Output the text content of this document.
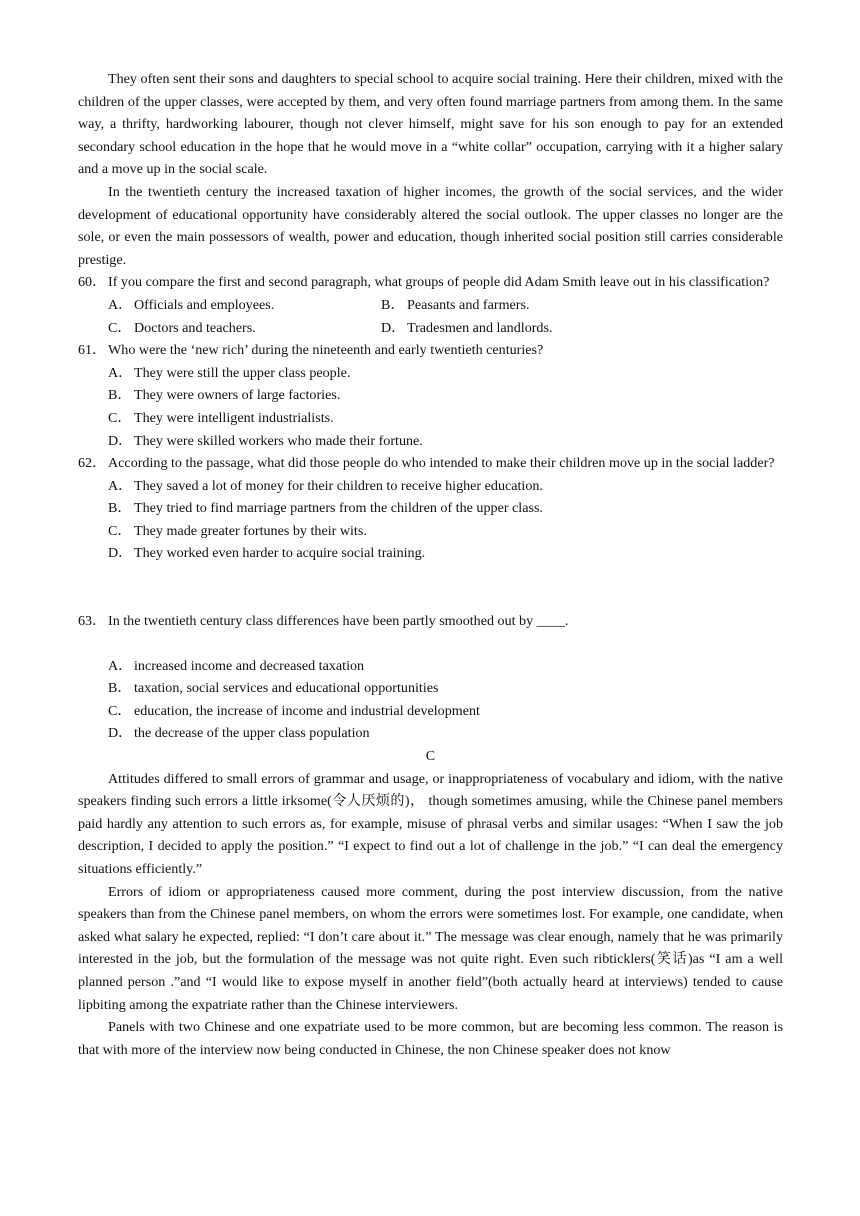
They often sent their sons and daughters to special school to acquire social training. Here their children, mixed with the children of the upper classes, were accepted by them, and very often found marriage partners from among them. In the same way, a thrifty, hardworking labourer, though not clever himself, might save for his son enough to pay for an extended secondary school education in the hope that he would move in a “white collar” occupation, carrying with it a higher salary and a move up in the social scale.

In the twentieth century the increased taxation of higher incomes, the growth of the social services, and the wider development of educational opportunity have considerably altered the social outlook. The upper classes no longer are the sole, or even the main possessors of wealth, power and education, though inherited social position still carries considerable prestige.

60． If you compare the first and second paragraph, what groups of people did Adam Smith leave out in his classification?

A． Officials and employees.	B． Peasants and farmers.

C． Doctors and teachers.	D． Tradesmen and landlords.

61． Who were the ‘new rich’ during the nineteenth and early twentieth centuries?

A． They were still the upper class people.

B． They were owners of large factories.

C． They were intelligent industrialists.

D． They were skilled workers who made their fortune.

62． According to the passage, what did those people do who intended to make their children move up in the social ladder?

A． They saved a lot of money for their children to receive higher education.

B． They tried to find marriage partners from the children of the upper class.

C． They made greater fortunes by their wits.

D． They worked even harder to acquire social training.

63． In the twentieth century class differences have been partly smoothed out by ____.

A． increased income and decreased taxation

B． taxation, social services and educational opportunities

C． education, the increase of income and industrial development

D． the decrease of the upper class population

C

Attitudes differed to small errors of grammar and usage, or inappropriateness of vocabulary and idiom, with the native speakers finding such errors a little irksome(令人厌烦的)， though sometimes amusing, while the Chinese panel members paid hardly any attention to such errors as, for example, misuse of phrasal verbs and similar usages: “When I saw the job description, I decided to apply the position.” “I expect to find out a lot of challenge in the job.” “I can deal the emergency situations efficiently.”

Errors of idiom or appropriateness caused more comment, during the post interview discussion, from the native speakers than from the Chinese panel members, on whom the errors were sometimes lost. For example, one candidate, when asked what salary he expected, replied: “I don’t care about it.” The message was clear enough, namely that he was primarily interested in the job, but the formulation of the message was not quite right. Even such ribticklers(笑话)as “I am a well planned person .”and “I would like to expose myself in another field”(both actually heard at interviews) tended to cause lipbiting among the expatriate rather than the Chinese interviewers.

Panels with two Chinese and one expatriate used to be more common, but are becoming less common. The reason is that with more of the interview now being conducted in Chinese, the non Chinese speaker does not know
